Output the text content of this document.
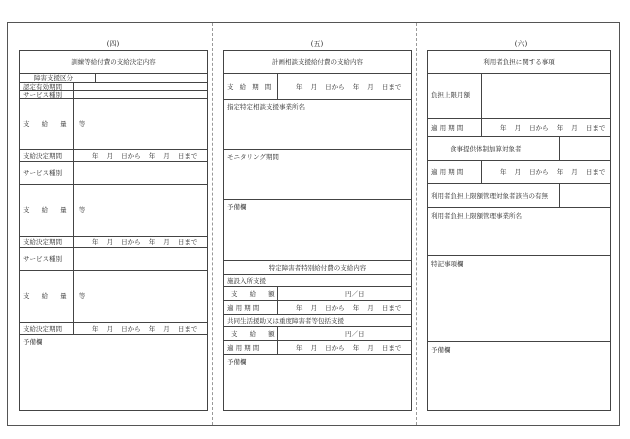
(四)	(五)	(六)
訓練等給付費の支給決定内容
障害支援区分
認定有効期間
サービス種別
支 給 量 等
支給決定期間	年 月 日から 年 月 日まで
サービス種別
支 給 量 等
支給決定期間	年 月 日から 年 月 日まで
サービス種別
支 給 量 等
支給決定期間	年 月 日から 年 月 日まで
予備欄
計画相談支援給付費の支給内容
支 給 期 間	年 月 日から 年 月 日まで
指定特定相談支援事業所名
モニタリング期間
予備欄
特定障害者特別給付費の支給内容
施設入所支援
支 給 額	円／日
適 用 期 間	年 月 日から 年 月 日まで
共同生活援助又は重度障害者等包括支援
支 給 額	円／日
適 用 期 間	年 月 日から 年 月 日まで
予備欄
利用者負担に関する事項
負担上限月額
適 用 期 間	年 月 日から 年 月 日まで
食事提供体制加算対象者
適 用 期 間	年 月 日から 年 月 日まで
利用者負担上限額管理対象者該当の有無
利用者負担上限額管理事業所名
特記事項欄
予備欄
